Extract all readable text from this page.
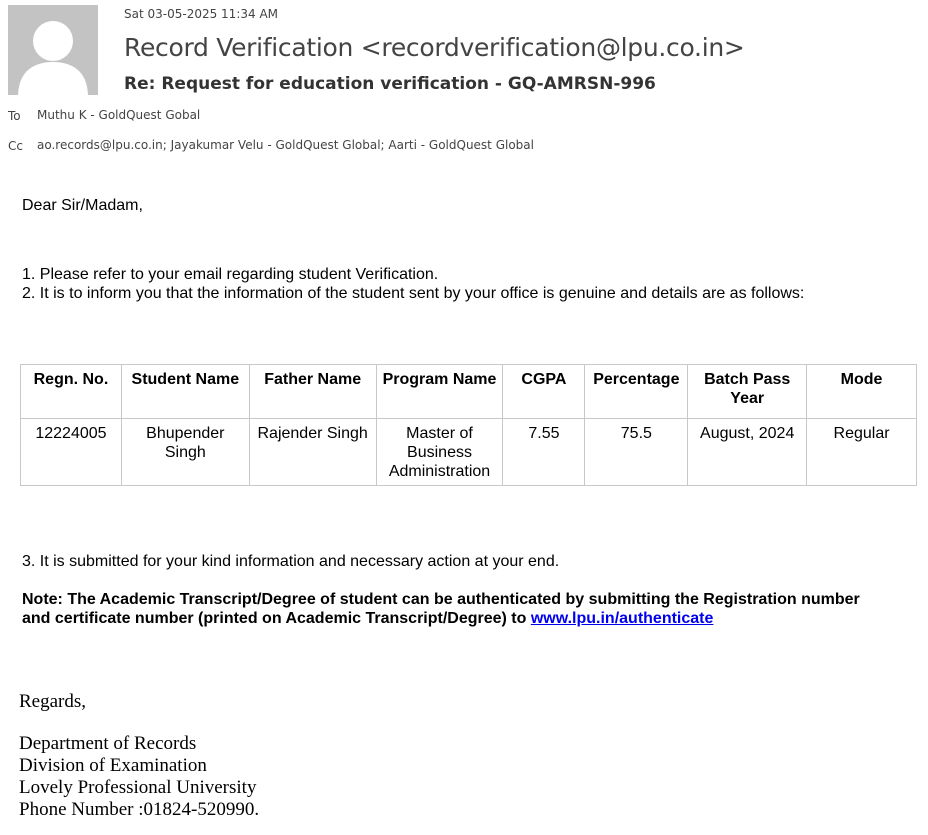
Sat 03-05-2025 11:34 AM
Record Verification <recordverification@lpu.co.in>
Re: Request for education verification - GQ-AMRSN-996
To Muthu K - GoldQuest Gobal
Cc ao.records@lpu.co.in; Jayakumar Velu - GoldQuest Global; Aarti - GoldQuest Global
Dear Sir/Madam,
1. Please refer to your email regarding student Verification.
2. It is to inform you that the information of the student sent by your office is genuine and details are as follows:
Regn. No.	Student Name	Father Name	Program Name	CGPA	Percentage	Batch Pass Year	Mode
12224005	Bhupender Singh	Rajender Singh	Master of Business Administration	7.55	75.5	August, 2024	Regular
3. It is submitted for your kind information and necessary action at your end.
Note: The Academic Transcript/Degree of student can be authenticated by submitting the Registration number and certificate number (printed on Academic Transcript/Degree) to www.lpu.in/authenticate
Regards,
Department of Records
Division of Examination
Lovely Professional University
Phone Number :01824-520990.
